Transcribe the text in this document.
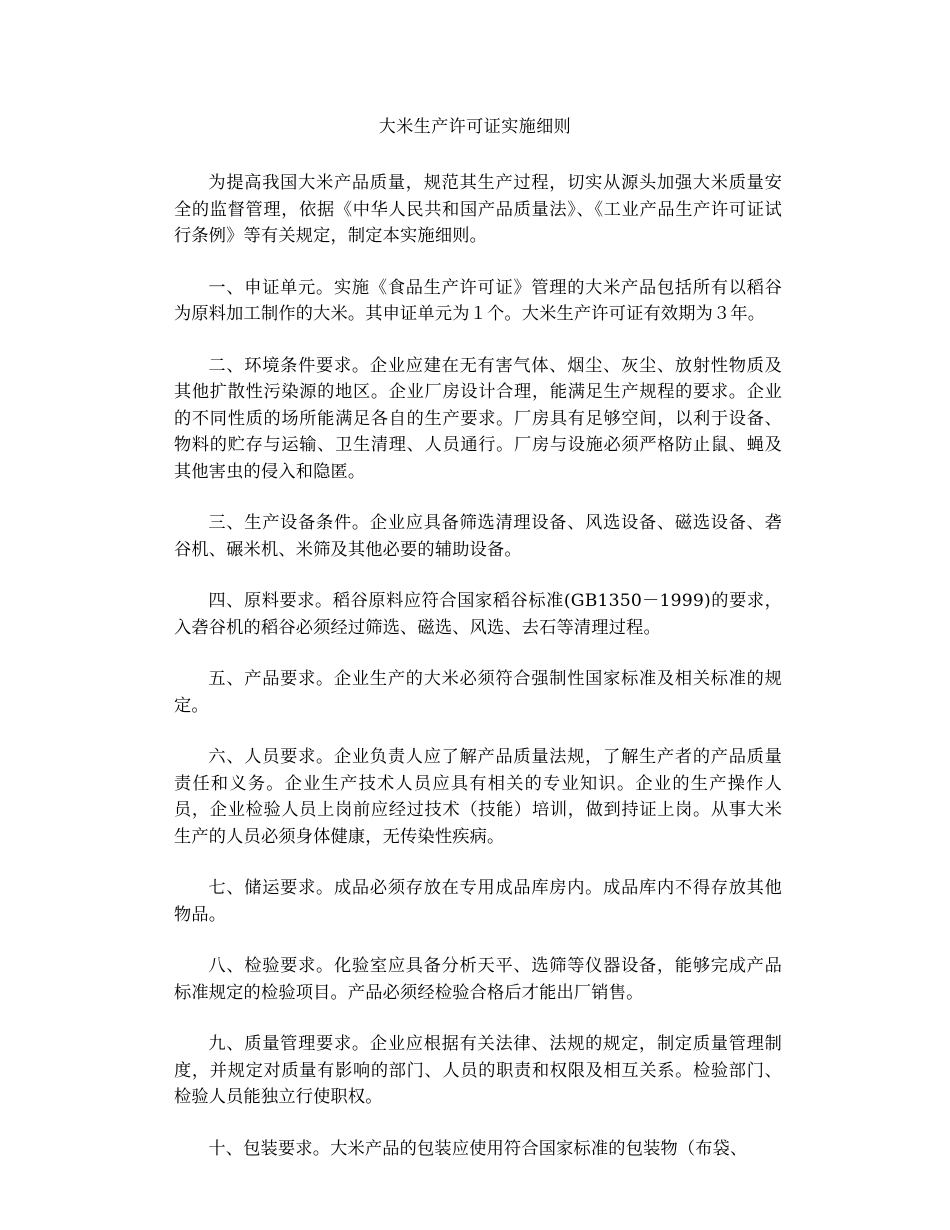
大米生产许可证实施细则

为提高我国大米产品质量，规范其生产过程，切实从源头加强大米质量安全的监督管理，依据《中华人民共和国产品质量法》、《工业产品生产许可证试行条例》等有关规定，制定本实施细则。

一、申证单元。实施《食品生产许可证》管理的大米产品包括所有以稻谷为原料加工制作的大米。其申证单元为１个。大米生产许可证有效期为３年。

二、环境条件要求。企业应建在无有害气体、烟尘、灰尘、放射性物质及其他扩散性污染源的地区。企业厂房设计合理，能满足生产规程的要求。企业的不同性质的场所能满足各自的生产要求。厂房具有足够空间，以利于设备、物料的贮存与运输、卫生清理、人员通行。厂房与设施必须严格防止鼠、蝇及其他害虫的侵入和隐匿。

三、生产设备条件。企业应具备筛选清理设备、风选设备、磁选设备、砻谷机、碾米机、米筛及其他必要的辅助设备。

四、原料要求。稻谷原料应符合国家稻谷标准(GB1350－1999)的要求，入砻谷机的稻谷必须经过筛选、磁选、风选、去石等清理过程。

五、产品要求。企业生产的大米必须符合强制性国家标准及相关标准的规定。

六、人员要求。企业负责人应了解产品质量法规，了解生产者的产品质量责任和义务。企业生产技术人员应具有相关的专业知识。企业的生产操作人员，企业检验人员上岗前应经过技术（技能）培训，做到持证上岗。从事大米生产的人员必须身体健康，无传染性疾病。

七、储运要求。成品必须存放在专用成品库房内。成品库内不得存放其他物品。

八、检验要求。化验室应具备分析天平、选筛等仪器设备，能够完成产品标准规定的检验项目。产品必须经检验合格后才能出厂销售。

九、质量管理要求。企业应根据有关法律、法规的规定，制定质量管理制度，并规定对质量有影响的部门、人员的职责和权限及相互关系。检验部门、检验人员能独立行使职权。

十、包装要求。大米产品的包装应使用符合国家标准的包装物（布袋、
